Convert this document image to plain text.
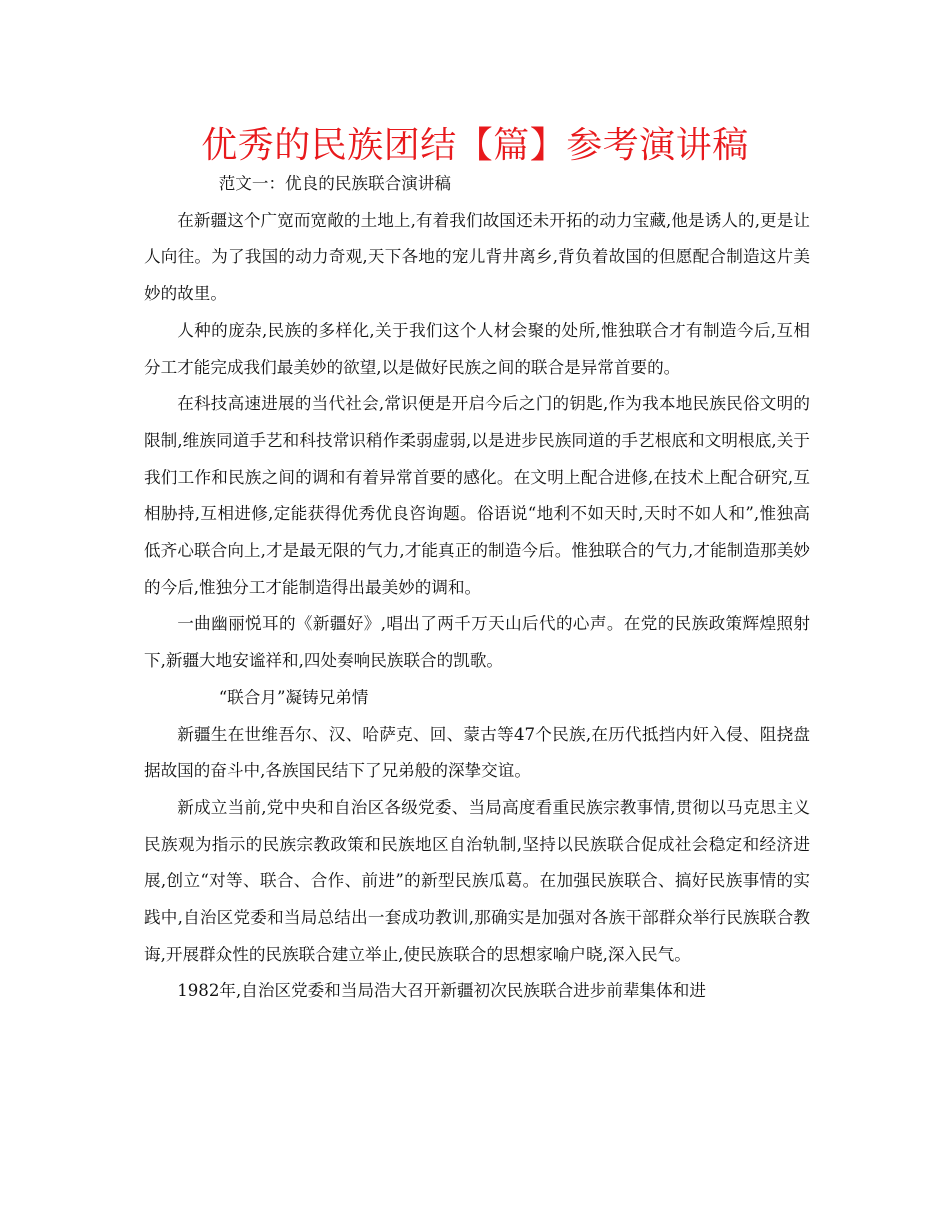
优秀的民族团结【篇】参考演讲稿

范文一：优良的民族联合演讲稿

在新疆这个广宽而宽敞的土地上,有着我们故国还未开拓的动力宝藏,他是诱人的,更是让人向往。为了我国的动力奇观,天下各地的宠儿背井离乡,背负着故国的但愿配合制造这片美妙的故里。

人种的庞杂,民族的多样化,关于我们这个人材会聚的处所,惟独联合才有制造今后,互相分工才能完成我们最美妙的欲望,以是做好民族之间的联合是异常首要的。

在科技高速进展的当代社会,常识便是开启今后之门的钥匙,作为我本地民族民俗文明的限制,维族同道手艺和科技常识稍作柔弱虚弱,以是进步民族同道的手艺根底和文明根底,关于我们工作和民族之间的调和有着异常首要的感化。在文明上配合进修,在技术上配合研究,互相胁持,互相进修,定能获得优秀优良咨询题。俗语说“地利不如天时,天时不如人和”,惟独高低齐心联合向上,才是最无限的气力,才能真正的制造今后。惟独联合的气力,才能制造那美妙的今后,惟独分工才能制造得出最美妙的调和。

一曲幽丽悦耳的《新疆好》,唱出了两千万天山后代的心声。在党的民族政策辉煌照射下,新疆大地安谧祥和,四处奏响民族联合的凯歌。

“联合月”凝铸兄弟情

新疆生在世维吾尔、汉、哈萨克、回、蒙古等47个民族,在历代抵挡内奸入侵、阻挠盘据故国的奋斗中,各族国民结下了兄弟般的深挚交谊。

新成立当前,党中央和自治区各级党委、当局高度看重民族宗教事情,贯彻以马克思主义民族观为指示的民族宗教政策和民族地区自治轨制,坚持以民族联合促成社会稳定和经济进展,创立“对等、联合、合作、前进”的新型民族瓜葛。在加强民族联合、搞好民族事情的实践中,自治区党委和当局总结出一套成功教训,那确实是加强对各族干部群众举行民族联合教诲,开展群众性的民族联合建立举止,使民族联合的思想家喻户晓,深入民气。

1982年,自治区党委和当局浩大召开新疆初次民族联合进步前辈集体和进
